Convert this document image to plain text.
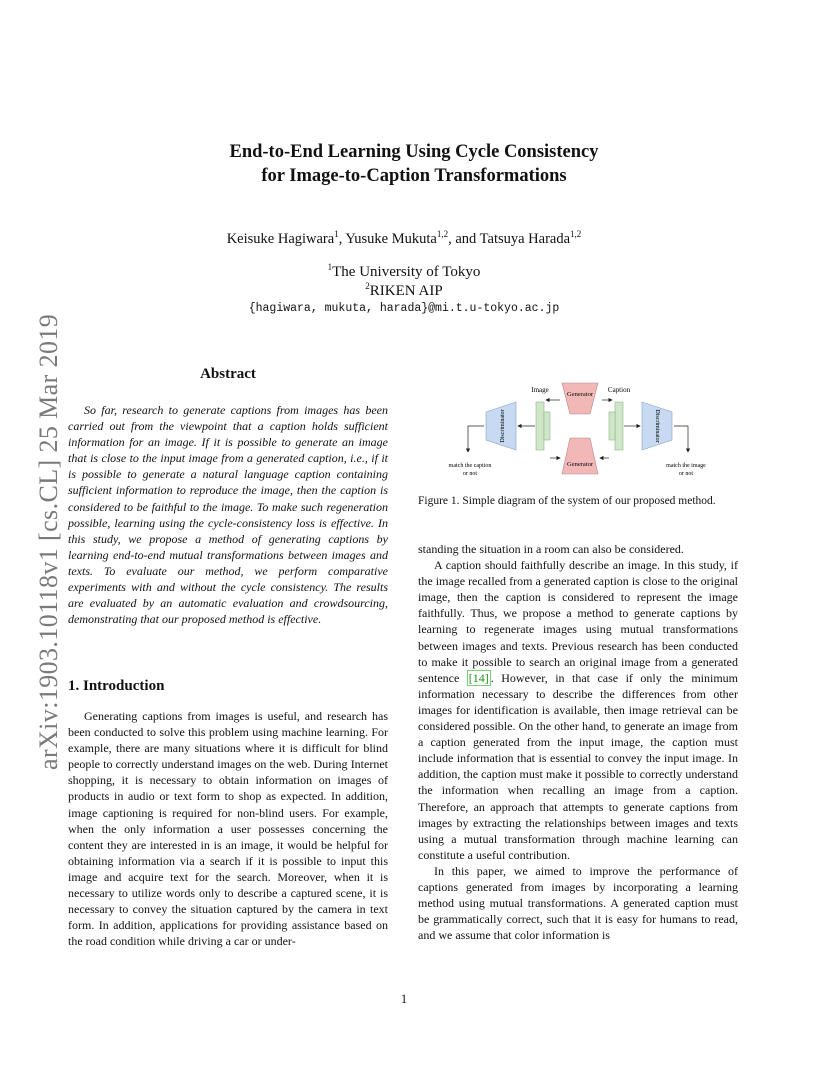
arXiv:1903.10118v1 [cs.CL] 25 Mar 2019
End-to-End Learning Using Cycle Consistency
for Image-to-Caption Transformations
Keisuke Hagiwara$^1$, Yusuke Mukuta$^{1,2}$, and Tatsuya Harada$^{1,2}$
$^1$The University of Tokyo
$^2$RIKEN AIP
{hagiwara, mukuta, harada}@mi.t.u-tokyo.ac.jp
Abstract
So far, research to generate captions from images has been carried out from the viewpoint that a caption holds sufficient information for an image. If it is possible to generate an image that is close to the input image from a generated caption, i.e., if it is possible to generate a natural language caption containing sufficient information to reproduce the image, then the caption is considered to be faithful to the image. To make such regeneration possible, learning using the cycle-consistency loss is effective. In this study, we propose a method of generating captions by learning end-to-end mutual transformations between images and texts. To evaluate our method, we perform comparative experiments with and without the cycle consistency. The results are evaluated by an automatic evaluation and crowdsourcing, demonstrating that our proposed method is effective.
1. Introduction

Generating captions from images is useful, and research has been conducted to solve this problem using machine learning. For example, there are many situations where it is difficult for blind people to correctly understand images on the web. During Internet shopping, it is necessary to obtain information on images of products in audio or text form to shop as expected. In addition, image captioning is required for non-blind users. For example, when the only information a user possesses concerning the content they are interested in is an image, it would be helpful for obtaining information via a search if it is possible to input this image and acquire text for the search. Moreover, when it is necessary to utilize words only to describe a captured scene, it is necessary to convey the situation captured by the camera in text form. In addition, applications for providing assistance based on the road condition while driving a car or under-

Image	Caption
Generator
Generator
Discriminator	Discriminator
match the caption
or not
match the image
or not
Figure 1. Simple diagram of the system of our proposed method.

standing the situation in a room can also be considered.

A caption should faithfully describe an image. In this study, if the image recalled from a generated caption is close to the original image, then the caption is considered to represent the image faithfully. Thus, we propose a method to generate captions by learning to regenerate images using mutual transformations between images and texts. Previous research has been conducted to make it possible to search an original image from a generated sentence [14] . However, in that case if only the minimum information necessary to describe the differences from other images for identification is available, then image retrieval can be considered possible. On the other hand, to generate an image from a caption generated from the input image, the caption must include information that is essential to convey the input image. In addition, the caption must make it possible to correctly understand the information when recalling an image from a caption. Therefore, an approach that attempts to generate captions from images by extracting the relationships between images and texts using a mutual transformation through machine learning can constitute a useful contribution.

In this paper, we aimed to improve the performance of captions generated from images by incorporating a learning method using mutual transformations. A generated caption must be grammatically correct, such that it is easy for humans to read, and we assume that color information is

1
